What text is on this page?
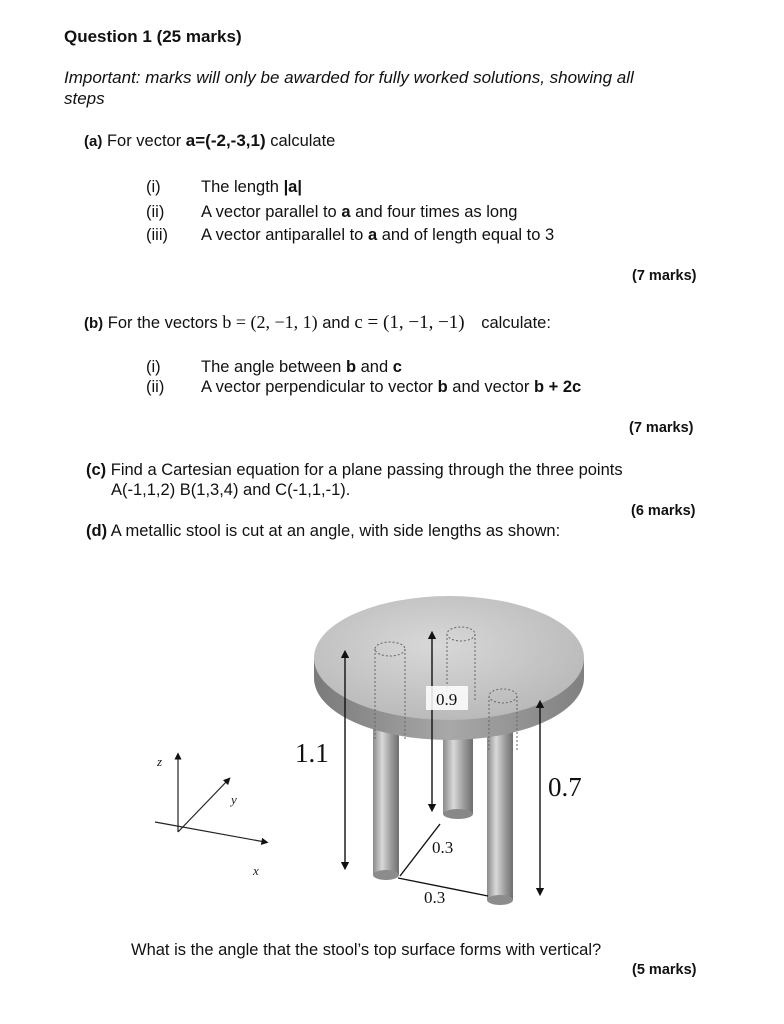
Question 1 (25 marks)
Important: marks will only be awarded for fully worked solutions, showing all steps
(a) For vector a=(-2,-3,1) calculate
(i) The length |a|
(ii) A vector parallel to a and four times as long
(iii) A vector antiparallel to a and of length equal to 3
(7 marks)
(b) For the vectors b = (2, −1, 1) and c = (1, −1, −1) calculate:
(i) The angle between b and c
(ii) A vector perpendicular to vector b and vector b + 2c
(7 marks)
(c) Find a Cartesian equation for a plane passing through the three points
A(-1,1,2) B(1,3,4) and C(-1,1,-1).
(6 marks)
(d) A metallic stool is cut at an angle, with side lengths as shown:
1.1
0.9
0.7
0.3
0.3
z
y
x
What is the angle that the stool’s top surface forms with vertical?
(5 marks)
